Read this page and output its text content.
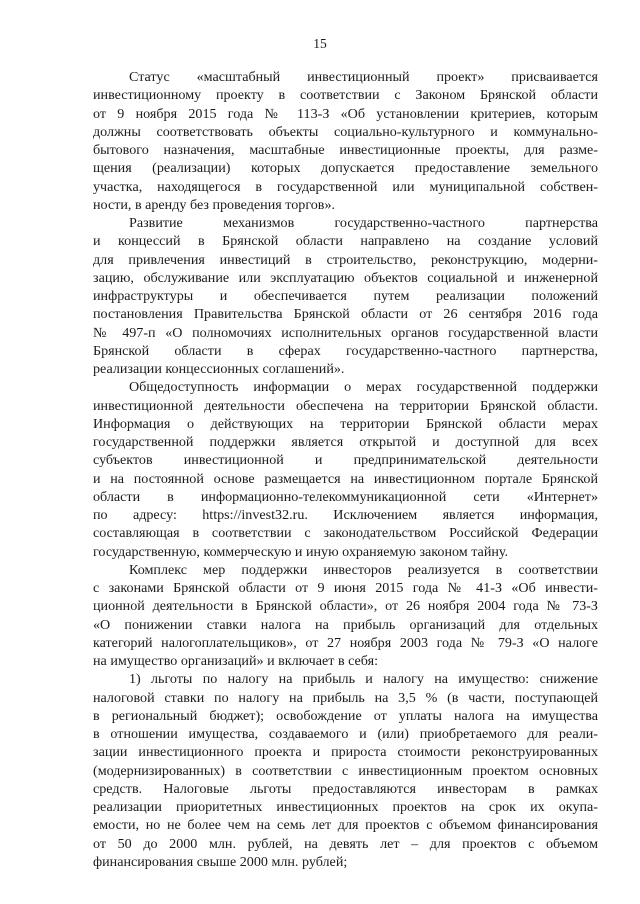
15
Статус «масштабный инвестиционный проект» присваивается
инвестиционному проекту в соответствии с Законом Брянской области
от 9 ноября 2015 года № 113-З «Об установлении критериев, которым
должны соответствовать объекты социально-культурного и коммунально-
бытового назначения, масштабные инвестиционные проекты, для разме-
щения (реализации) которых допускается предоставление земельного
участка, находящегося в государственной или муниципальной собствен-
ности, в аренду без проведения торгов».
Развитие механизмов государственно-частного партнерства
и концессий в Брянской области направлено на создание условий
для привлечения инвестиций в строительство, реконструкцию, модерни-
зацию, обслуживание или эксплуатацию объектов социальной и инженерной
инфраструктуры и обеспечивается путем реализации положений
постановления Правительства Брянской области от 26 сентября 2016 года
№ 497-п «О полномочиях исполнительных органов государственной власти
Брянской области в сферах государственно-частного партнерства,
реализации концессионных соглашений».
Общедоступность информации о мерах государственной поддержки
инвестиционной деятельности обеспечена на территории Брянской области.
Информация о действующих на территории Брянской области мерах
государственной поддержки является открытой и доступной для всех
субъектов инвестиционной и предпринимательской деятельности
и на постоянной основе размещается на инвестиционном портале Брянской
области в информационно-телекоммуникационной сети «Интернет»
по адресу: https://invest32.ru. Исключением является информация,
составляющая в соответствии с законодательством Российской Федерации
государственную, коммерческую и иную охраняемую законом тайну.
Комплекс мер поддержки инвесторов реализуется в соответствии
с законами Брянской области от 9 июня 2015 года № 41-З «Об инвести-
ционной деятельности в Брянской области», от 26 ноября 2004 года № 73-З
«О понижении ставки налога на прибыль организаций для отдельных
категорий налогоплательщиков», от 27 ноября 2003 года № 79-З «О налоге
на имущество организаций» и включает в себя:
1) льготы по налогу на прибыль и налогу на имущество: снижение
налоговой ставки по налогу на прибыль на 3,5 % (в части, поступающей
в региональный бюджет); освобождение от уплаты налога на имущества
в отношении имущества, создаваемого и (или) приобретаемого для реали-
зации инвестиционного проекта и прироста стоимости реконструированных
(модернизированных) в соответствии с инвестиционным проектом основных
средств. Налоговые льготы предоставляются инвесторам в рамках
реализации приоритетных инвестиционных проектов на срок их окупа-
емости, но не более чем на семь лет для проектов с объемом финансирования
от 50 до 2000 млн. рублей, на девять лет – для проектов с объемом
финансирования свыше 2000 млн. рублей;
